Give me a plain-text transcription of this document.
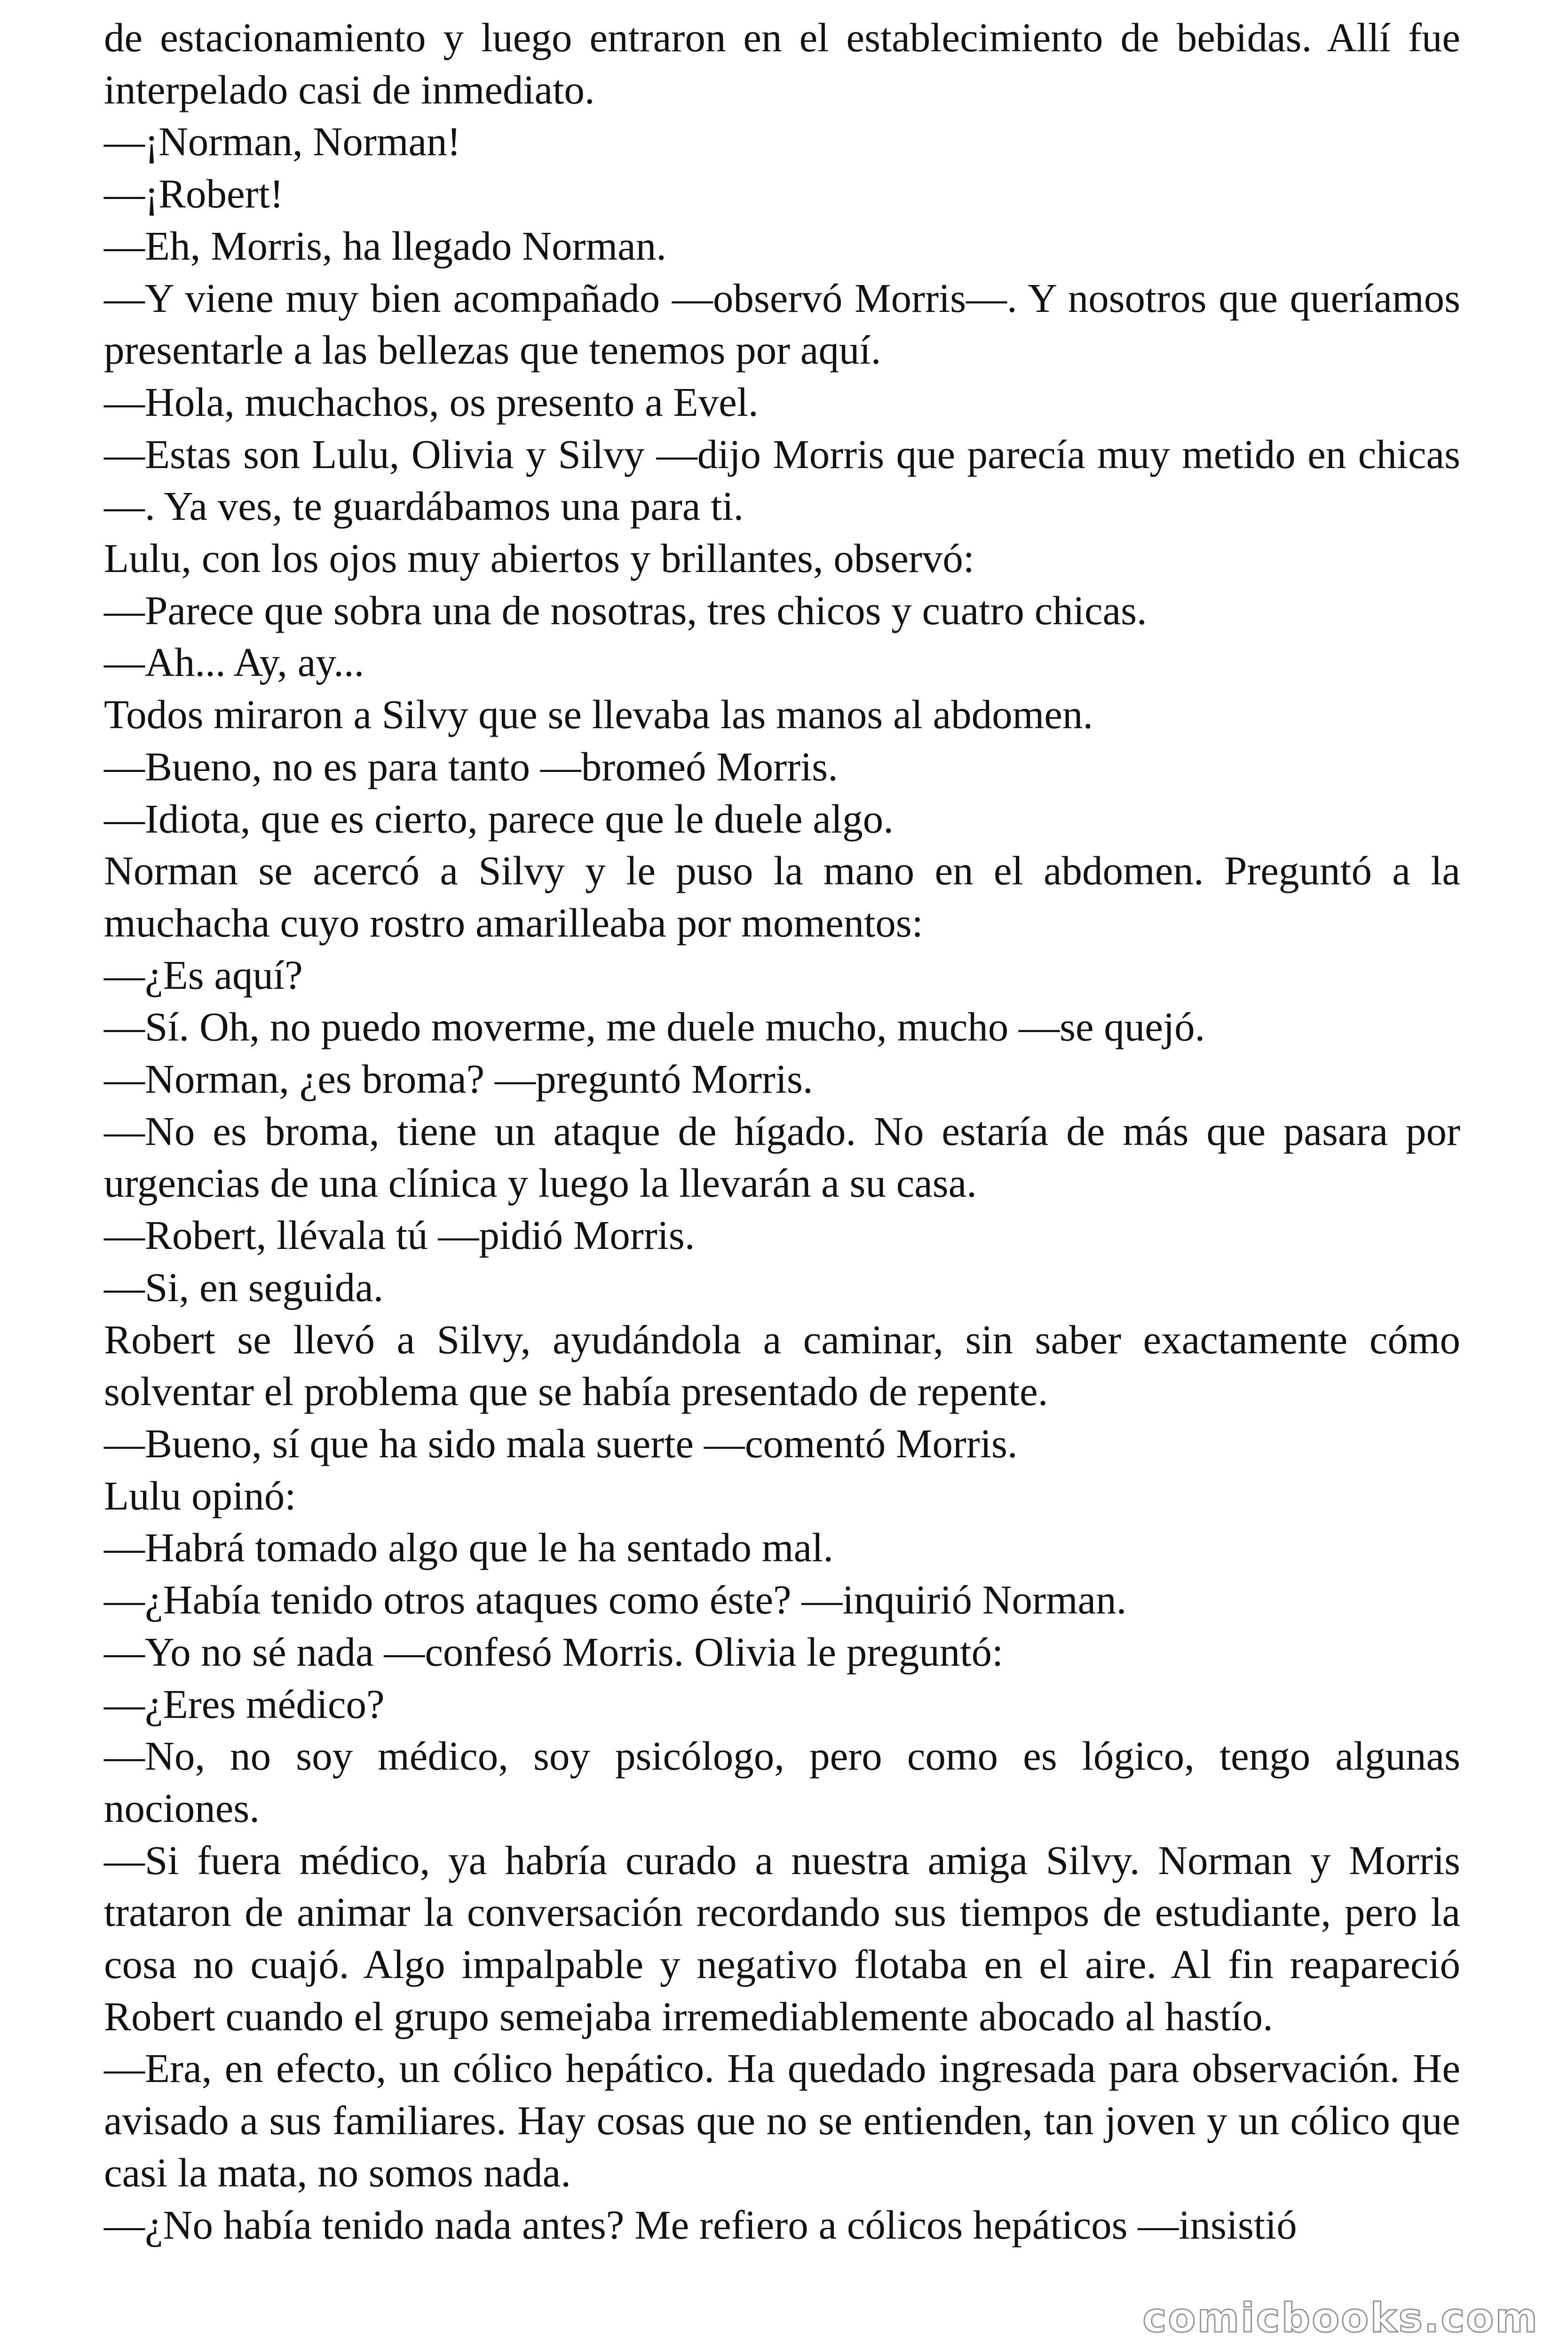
de estacionamiento y luego entraron en el establecimiento de bebidas. Allí fue interpelado casi de inmediato.

—¡Norman, Norman!

—¡Robert!

—Eh, Morris, ha llegado Norman.

—Y viene muy bien acompañado —observó Morris—. Y nosotros que queríamos presentarle a las bellezas que tenemos por aquí.

—Hola, muchachos, os presento a Evel.

—Estas son Lulu, Olivia y Silvy —dijo Morris que parecía muy metido en chicas—. Ya ves, te guardábamos una para ti.

Lulu, con los ojos muy abiertos y brillantes, observó:

—Parece que sobra una de nosotras, tres chicos y cuatro chicas.

—Ah... Ay, ay...

Todos miraron a Silvy que se llevaba las manos al abdomen.

—Bueno, no es para tanto —bromeó Morris.

—Idiota, que es cierto, parece que le duele algo.

Norman se acercó a Silvy y le puso la mano en el abdomen. Preguntó a la muchacha cuyo rostro amarilleaba por momentos:

—¿Es aquí?

—Sí. Oh, no puedo moverme, me duele mucho, mucho —se quejó.

—Norman, ¿es broma? —preguntó Morris.

—No es broma, tiene un ataque de hígado. No estaría de más que pasara por urgencias de una clínica y luego la llevarán a su casa.

—Robert, llévala tú —pidió Morris.

—Si, en seguida.

Robert se llevó a Silvy, ayudándola a caminar, sin saber exactamente cómo solventar el problema que se había presentado de repente.

—Bueno, sí que ha sido mala suerte —comentó Morris.

Lulu opinó:

—Habrá tomado algo que le ha sentado mal.

—¿Había tenido otros ataques como éste? —inquirió Norman.

—Yo no sé nada —confesó Morris. Olivia le preguntó:

—¿Eres médico?

—No, no soy médico, soy psicólogo, pero como es lógico, tengo algunas nociones.

—Si fuera médico, ya habría curado a nuestra amiga Silvy. Norman y Morris trataron de animar la conversación recordando sus tiempos de estudiante, pero la cosa no cuajó. Algo impalpable y negativo flotaba en el aire. Al fin reapareció Robert cuando el grupo semejaba irremediablemente abocado al hastío.

—Era, en efecto, un cólico hepático. Ha quedado ingresada para observación. He avisado a sus familiares. Hay cosas que no se entienden, tan joven y un cólico que casi la mata, no somos nada.

—¿No había tenido nada antes? Me refiero a cólicos hepáticos —insistió

comicbooks.com
